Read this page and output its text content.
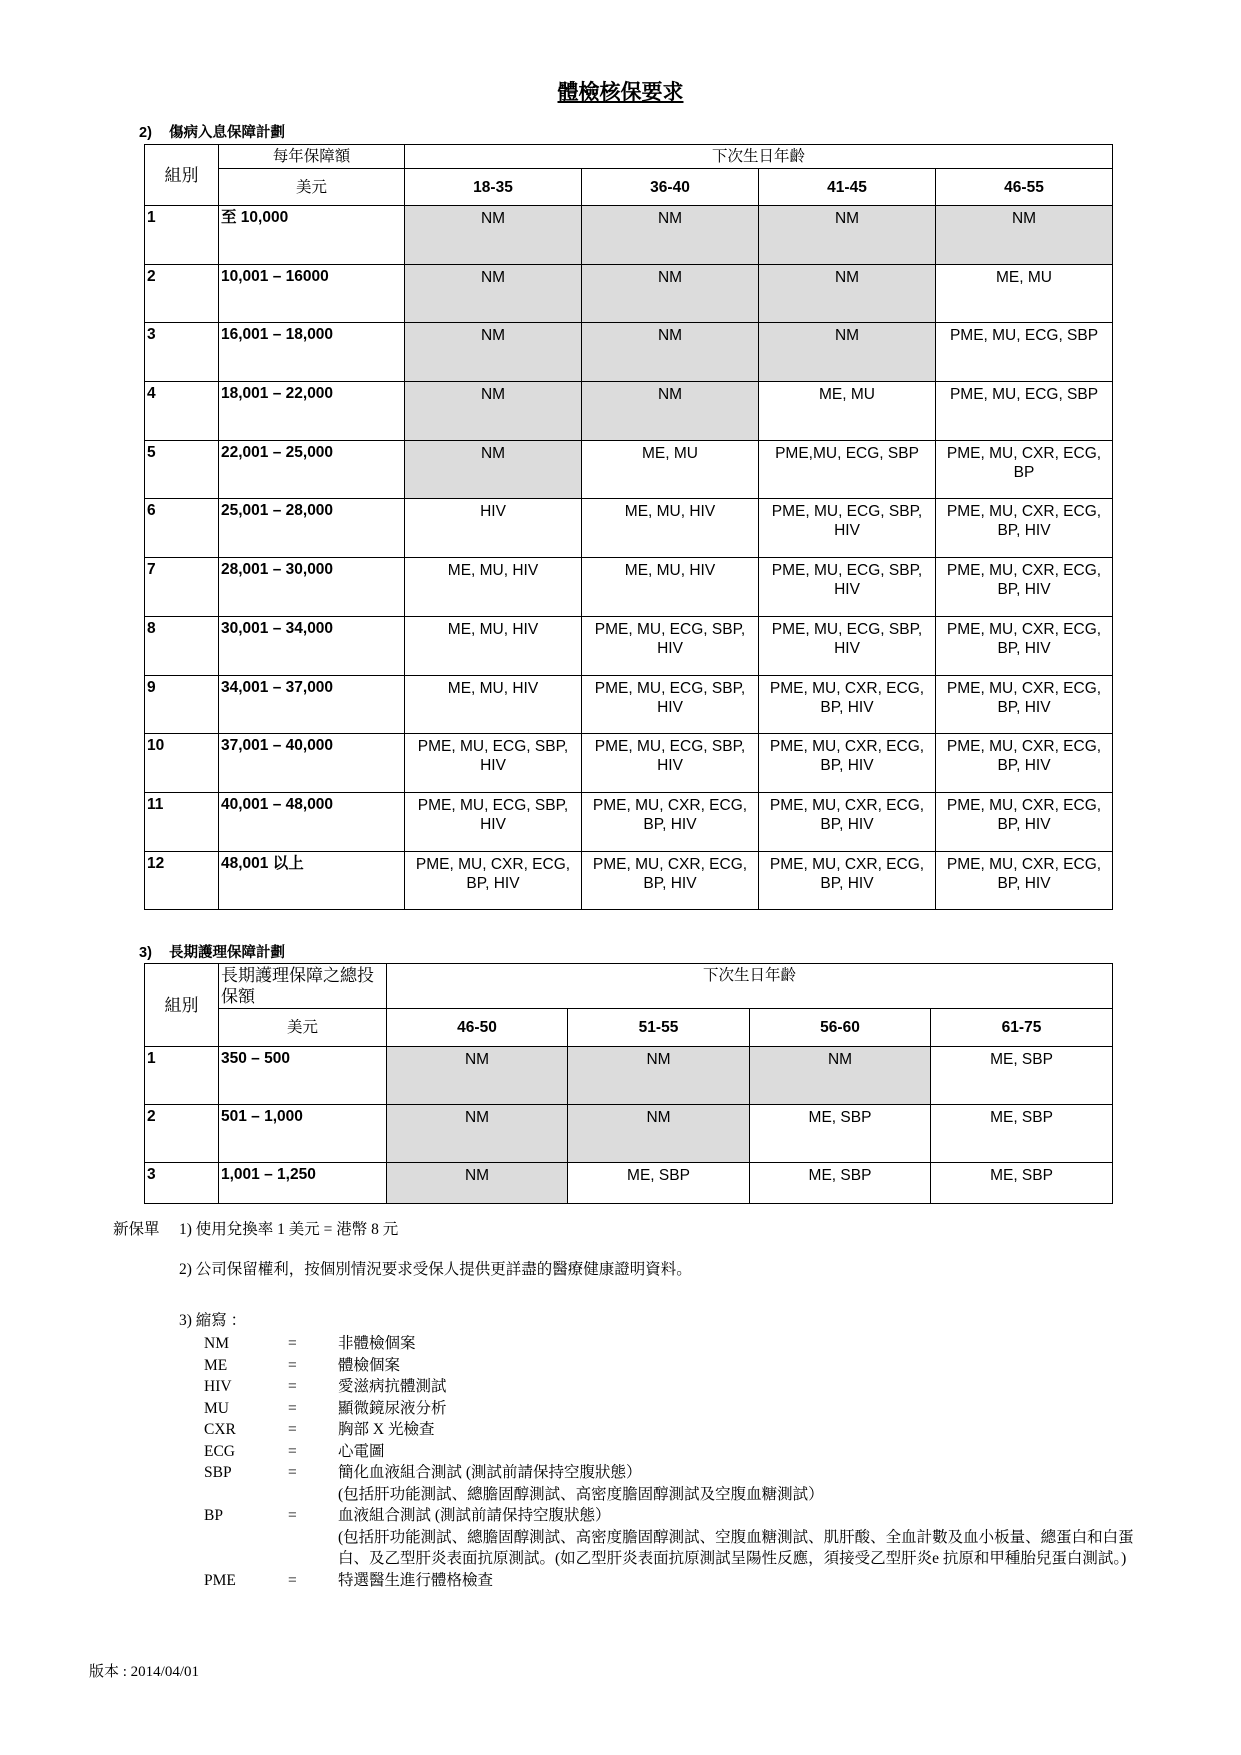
體檢核保要求
2) 傷病入息保障計劃
組別	每年保障額	下次生日年齡			
	美元	18-35	36-40	41-45	46-55
1	至 10,000	NM	NM	NM	NM
2	10,001 – 16000	NM	NM	NM	ME, MU
3	16,001 – 18,000	NM	NM	NM	PME, MU, ECG, SBP
4	18,001 – 22,000	NM	NM	ME, MU	PME, MU, ECG, SBP
5	22,001 – 25,000	NM	ME, MU	PME,MU, ECG, SBP	PME, MU, CXR, ECG, BP
6	25,001 – 28,000	HIV	ME, MU, HIV	PME, MU, ECG, SBP, HIV	PME, MU, CXR, ECG, BP, HIV
7	28,001 – 30,000	ME, MU, HIV	ME, MU, HIV	PME, MU, ECG, SBP, HIV	PME, MU, CXR, ECG, BP, HIV
8	30,001 – 34,000	ME, MU, HIV	PME, MU, ECG, SBP, HIV	PME, MU, ECG, SBP, HIV	PME, MU, CXR, ECG, BP, HIV
9	34,001 – 37,000	ME, MU, HIV	PME, MU, ECG, SBP, HIV	PME, MU, CXR, ECG, BP, HIV	PME, MU, CXR, ECG, BP, HIV
10	37,001 – 40,000	PME, MU, ECG, SBP, HIV	PME, MU, ECG, SBP, HIV	PME, MU, CXR, ECG, BP, HIV	PME, MU, CXR, ECG, BP, HIV
11	40,001 – 48,000	PME, MU, ECG, SBP, HIV	PME, MU, CXR, ECG, BP, HIV	PME, MU, CXR, ECG, BP, HIV	PME, MU, CXR, ECG, BP, HIV
12	48,001 以上	PME, MU, CXR, ECG, BP, HIV	PME, MU, CXR, ECG, BP, HIV	PME, MU, CXR, ECG, BP, HIV	PME, MU, CXR, ECG, BP, HIV
3) 長期護理保障計劃
組別	長期護理保障之總投保額	下次生日年齡			
	美元	46-50	51-55	56-60	61-75
1	350 – 500	NM	NM	NM	ME, SBP
2	501 – 1,000	NM	NM	ME, SBP	ME, SBP
3	1,001 – 1,250	NM	ME, SBP	ME, SBP	ME, SBP
新保單 1) 使用兌換率 1 美元 = 港幣 8 元
2) 公司保留權利，按個別情況要求受保人提供更詳盡的醫療健康證明資料。
3) 縮寫 ：
NM	=	非體檢個案
ME	=	體檢個案
HIV	=	愛滋病抗體測試
MU	=	顯微鏡尿液分析
CXR	=	胸部 X 光檢查
ECG	=	心電圖
SBP	=	簡化血液組合測試 (測試前請保持空腹狀態）
(包括肝功能測試、總膽固醇測試、高密度膽固醇測試及空腹血糖測試）
BP	=	血液組合測試 (測試前請保持空腹狀態）
(包括肝功能測試、總膽固醇測試、高密度膽固醇測試、空腹血糖測試、肌肝酸、全血計數及血小板量、總蛋白和白蛋白、及乙型肝炎表面抗原測試。(如乙型肝炎表面抗原測試呈陽性反應，須接受乙型肝炎e 抗原和甲種胎兒蛋白測試。)
PME	=	特選醫生進行體格檢查
版本 : 2014/04/01
